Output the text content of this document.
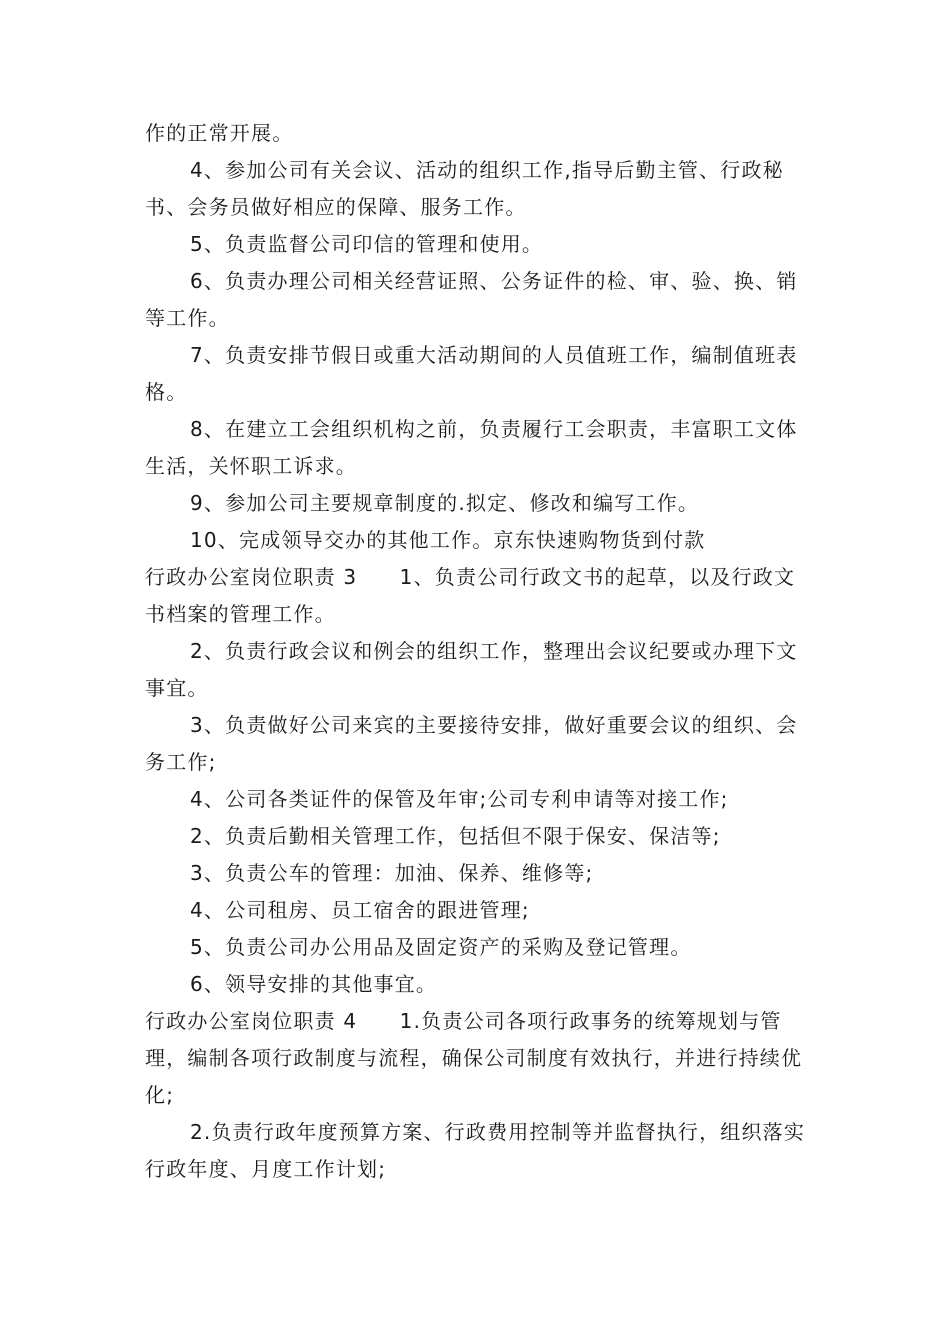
作的正常开展。

4、参加公司有关会议、活动的组织工作,指导后勤主管、行政秘书、会务员做好相应的保障、服务工作。

5、负责监督公司印信的管理和使用。

6、负责办理公司相关经营证照、公务证件的检、审、验、换、销等工作。

7、负责安排节假日或重大活动期间的人员值班工作，编制值班表格。

8、在建立工会组织机构之前，负责履行工会职责，丰富职工文体生活，关怀职工诉求。

9、参加公司主要规章制度的.拟定、修改和编写工作。

10、完成领导交办的其他工作。京东快速购物货到付款

行政办公室岗位职责 3　　1、负责公司行政文书的起草，以及行政文书档案的管理工作。

2、负责行政会议和例会的组织工作，整理出会议纪要或办理下文事宜。

3、负责做好公司来宾的主要接待安排，做好重要会议的组织、会务工作;

4、公司各类证件的保管及年审;公司专利申请等对接工作;

2、负责后勤相关管理工作，包括但不限于保安、保洁等;

3、负责公车的管理：加油、保养、维修等;

4、公司租房、员工宿舍的跟进管理;

5、负责公司办公用品及固定资产的采购及登记管理。

6、领导安排的其他事宜。

行政办公室岗位职责 4　　1.负责公司各项行政事务的统筹规划与管理，编制各项行政制度与流程，确保公司制度有效执行，并进行持续优化;

2.负责行政年度预算方案、行政费用控制等并监督执行，组织落实行政年度、月度工作计划;
